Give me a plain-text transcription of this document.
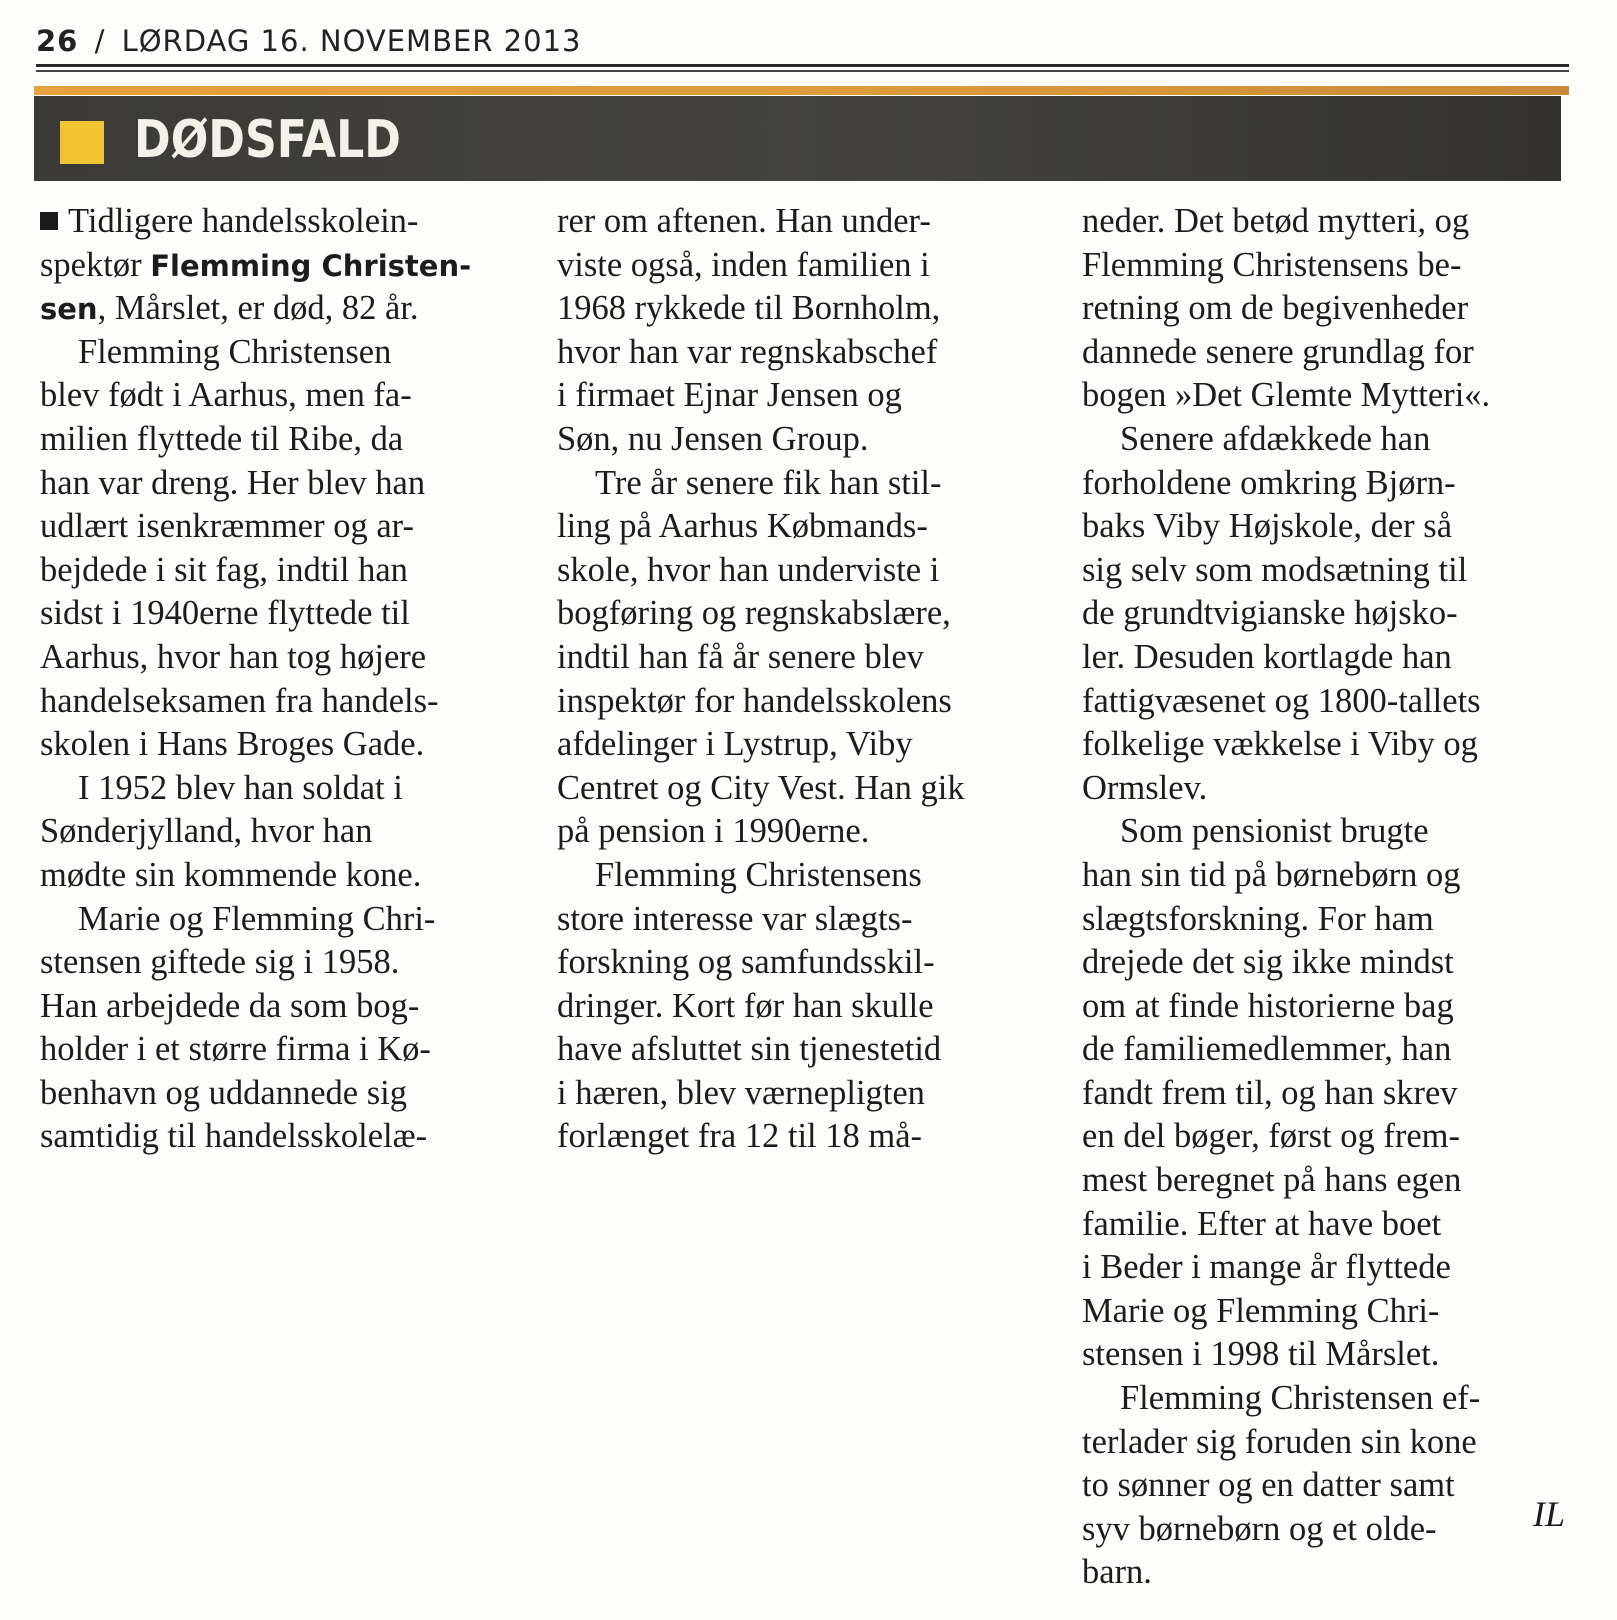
26 / LØRDAG 16. NOVEMBER 2013
DØDSFALD
Tidligere handelsskolein-
spektør Flemming Christen-
sen, Mårslet, er død, 82 år.
Flemming Christensen
blev født i Aarhus, men fa-
milien flyttede til Ribe, da
han var dreng. Her blev han
udlært isenkræmmer og ar-
bejdede i sit fag, indtil han
sidst i 1940erne flyttede til
Aarhus, hvor han tog højere
handelseksamen fra handels-
skolen i Hans Broges Gade.
I 1952 blev han soldat i
Sønderjylland, hvor han
mødte sin kommende kone.
Marie og Flemming Chri-
stensen giftede sig i 1958.
Han arbejdede da som bog-
holder i et større firma i Kø-
benhavn og uddannede sig
samtidig til handelsskolelæ-
rer om aftenen. Han under-
viste også, inden familien i
1968 rykkede til Bornholm,
hvor han var regnskabschef
i firmaet Ejnar Jensen og
Søn, nu Jensen Group.
Tre år senere fik han stil-
ling på Aarhus Købmands-
skole, hvor han underviste i
bogføring og regnskabslære,
indtil han få år senere blev
inspektør for handelsskolens
afdelinger i Lystrup, Viby
Centret og City Vest. Han gik
på pension i 1990erne.
Flemming Christensens
store interesse var slægts-
forskning og samfundsskil-
dringer. Kort før han skulle
have afsluttet sin tjenestetid
i hæren, blev værnepligten
forlænget fra 12 til 18 må-
neder. Det betød mytteri, og
Flemming Christensens be-
retning om de begivenheder
dannede senere grundlag for
bogen »Det Glemte Mytteri«.
Senere afdækkede han
forholdene omkring Bjørn-
baks Viby Højskole, der så
sig selv som modsætning til
de grundtvigianske højsko-
ler. Desuden kortlagde han
fattigvæsenet og 1800-tallets
folkelige vækkelse i Viby og
Ormslev.
Som pensionist brugte
han sin tid på børnebørn og
slægtsforskning. For ham
drejede det sig ikke mindst
om at finde historierne bag
de familiemedlemmer, han
fandt frem til, og han skrev
en del bøger, først og frem-
mest beregnet på hans egen
familie. Efter at have boet
i Beder i mange år flyttede
Marie og Flemming Chri-
stensen i 1998 til Mårslet.
Flemming Christensen ef-
terlader sig foruden sin kone
to sønner og en datter samt
syv børnebørn og et olde-
barn.
IL
